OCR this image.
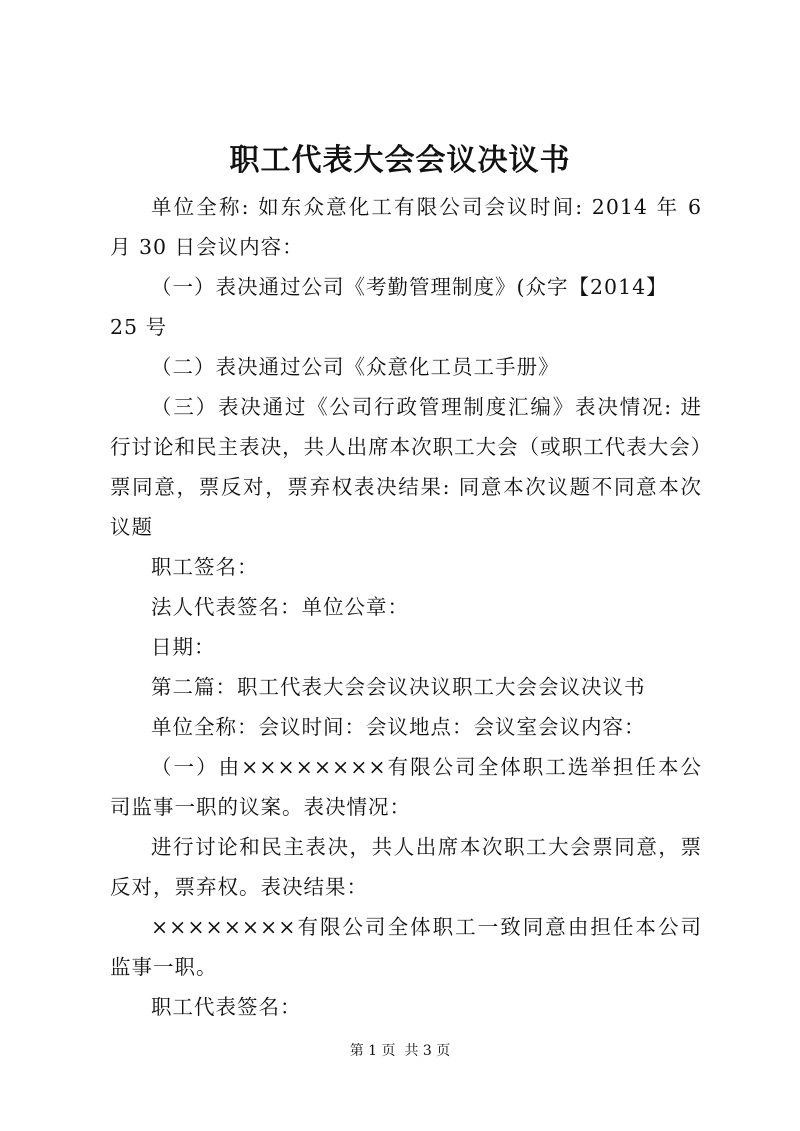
职工代表大会会议决议书

单位全称: 如东众意化工有限公司会议时间: 2014 年 6 月 30 日会议内容：

（一）表决通过公司《考勤管理制度》(众字【2014】

25 号

（二）表决通过公司《众意化工员工手册》

（三）表决通过《公司行政管理制度汇编》表决情况: 进行讨论和民主表决，共人出席本次职工大会（或职工代表大会）票同意，票反对，票弃权表决结果: 同意本次议题不同意本次议题

职工签名：

法人代表签名：单位公章：

日期：

第二篇：职工代表大会会议决议职工大会会议决议书

单位全称：会议时间：会议地点：会议室会议内容：

（一）由××××××××有限公司全体职工选举担任本公司监事一职的议案。表决情况：

进行讨论和民主表决，共人出席本次职工大会票同意，票反对，票弃权。表决结果：

××××××××有限公司全体职工一致同意由担任本公司监事一职。

职工代表签名：

第 1 页  共 3 页
